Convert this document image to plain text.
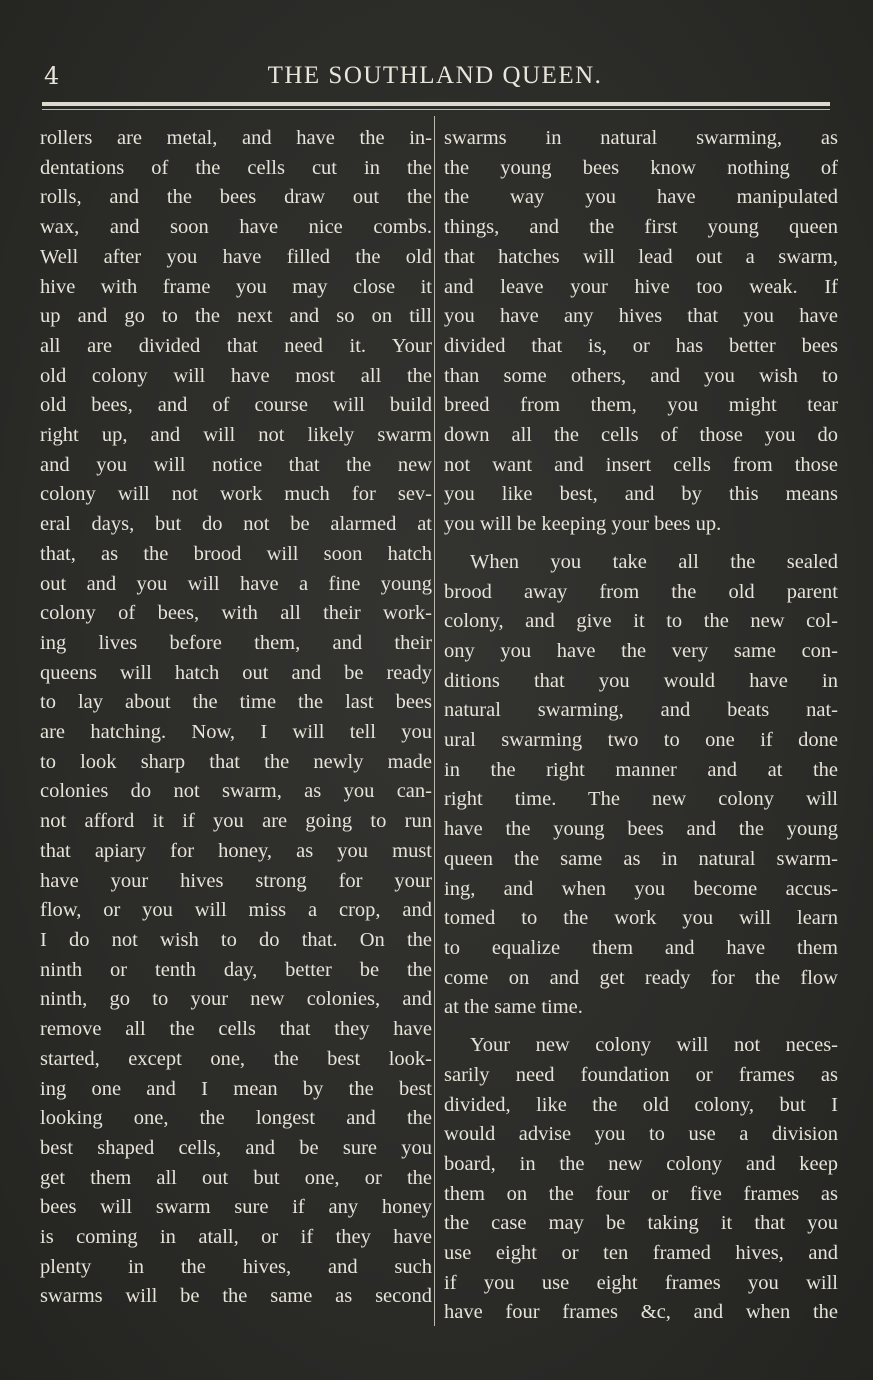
4	THE SOUTHLAND QUEEN.
rollers are metal, and have the in-
dentations of the cells cut in the
rolls, and the bees draw out the
wax, and soon have nice combs.
Well after you have filled the old
hive with frame you may close it
up and go to the next and so on till
all are divided that need it. Your
old colony will have most all the
old bees, and of course will build
right up, and will not likely swarm
and you will notice that the new
colony will not work much for sev-
eral days, but do not be alarmed at
that, as the brood will soon hatch
out and you will have a fine young
colony of bees, with all their work-
ing lives before them, and their
queens will hatch out and be ready
to lay about the time the last bees
are hatching. Now, I will tell you
to look sharp that the newly made
colonies do not swarm, as you can-
not afford it if you are going to run
that apiary for honey, as you must
have your hives strong for your
flow, or you will miss a crop, and
I do not wish to do that. On the
ninth or tenth day, better be the
ninth, go to your new colonies, and
remove all the cells that they have
started, except one, the best look-
ing one and I mean by the best
looking one, the longest and the
best shaped cells, and be sure you
get them all out but one, or the
bees will swarm sure if any honey
is coming in atall, or if they have
plenty in the hives, and such
swarms will be the same as second
swarms in natural swarming, as
the young bees know nothing of
the way you have manipulated
things, and the first young queen
that hatches will lead out a swarm,
and leave your hive too weak. If
you have any hives that you have
divided that is, or has better bees
than some others, and you wish to
breed from them, you might tear
down all the cells of those you do
not want and insert cells from those
you like best, and by this means
you will be keeping your bees up.
When you take all the sealed
brood away from the old parent
colony, and give it to the new col-
ony you have the very same con-
ditions that you would have in
natural swarming, and beats nat-
ural swarming two to one if done
in the right manner and at the
right time. The new colony will
have the young bees and the young
queen the same as in natural swarm-
ing, and when you become accus-
tomed to the work you will learn
to equalize them and have them
come on and get ready for the flow
at the same time.
Your new colony will not neces-
sarily need foundation or frames as
divided, like the old colony, but I
would advise you to use a division
board, in the new colony and keep
them on the four or five frames as
the case may be taking it that you
use eight or ten framed hives, and
if you use eight frames you will
have four frames &c, and when the
